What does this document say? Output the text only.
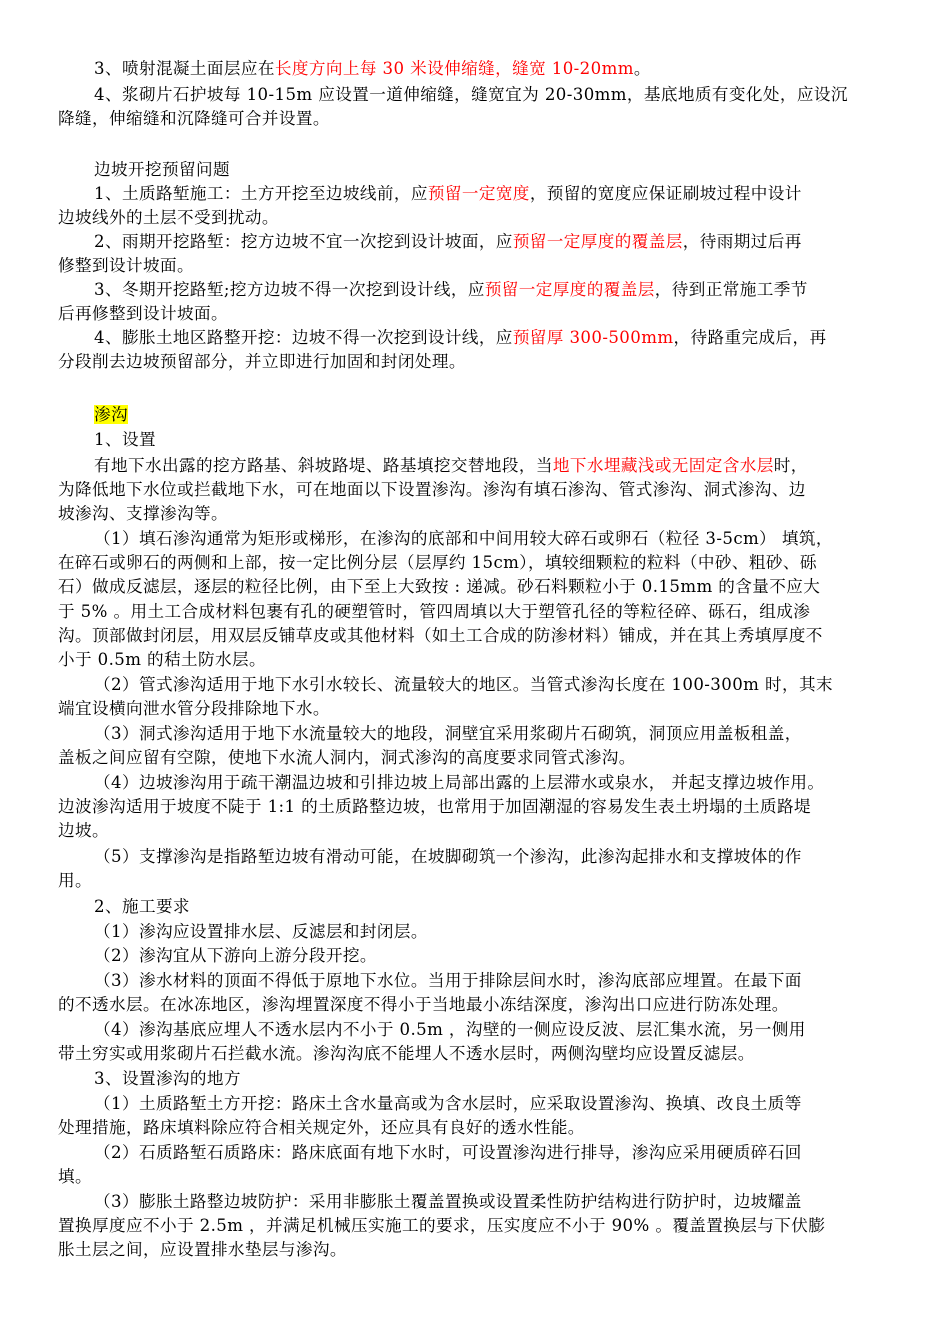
3、喷射混凝土面层应在长度方向上每 30 米设伸缩缝，缝宽 10-20mm。
4、浆砌片石护坡每 10-15m 应设置一道伸缩缝，缝宽宜为 20-30mm，基底地质有变化处，应设沉
降缝，伸缩缝和沉降缝可合并设置。
边坡开挖预留问题
1、土质路堑施工：土方开挖至边坡线前，应预留一定宽度，预留的宽度应保证刷坡过程中设计
边坡线外的土层不受到扰动。
2、雨期开挖路堑：挖方边坡不宜一次挖到设计坡面，应预留一定厚度的覆盖层，待雨期过后再
修整到设计坡面。
3、冬期开挖路堑;挖方边坡不得一次挖到设计线，应预留一定厚度的覆盖层，待到正常施工季节
后再修整到设计坡面。
4、膨胀土地区路整开挖：边坡不得一次挖到设计线，应预留厚 300-500mm，待路重完成后，再
分段削去边坡预留部分，并立即进行加固和封闭处理。
渗沟
1、设置
有地下水出露的挖方路基、斜坡路堤、路基填挖交替地段，当地下水埋藏浅或无固定含水层时，
为降低地下水位或拦截地下水，可在地面以下设置渗沟。渗沟有填石渗沟、管式渗沟、洞式渗沟、边
坡渗沟、支撑渗沟等。
（1）填石渗沟通常为矩形或梯形，在渗沟的底部和中间用较大碎石或卵石（粒径 3-5cm） 填筑，
在碎石或卵石的两侧和上部，按一定比例分层（层厚约 15cm），填较细颗粒的粒料（中砂、粗砂、砾
石）做成反滤层，逐层的粒径比例，由下至上大致按 : 递减。砂石料颗粒小于 0.15mm 的含量不应大
于 5% 。用土工合成材料包裹有孔的硬塑管时，管四周填以大于塑管孔径的等粒径碎、砾石，组成渗
沟。顶部做封闭层，用双层反铺草皮或其他材料（如土工合成的防渗材料）铺成，并在其上秀填厚度不
小于 0.5m 的秸土防水层。
（2）管式渗沟适用于地下水引水较长、流量较大的地区。当管式渗沟长度在 100-300m 时，其末
端宜设横向泄水管分段排除地下水。
（3）洞式渗沟适用于地下水流量较大的地段，洞壁宜采用浆砌片石砌筑，洞顶应用盖板租盖，
盖板之间应留有空隙，使地下水流人洞内，洞式渗沟的高度要求同管式渗沟。
（4）边坡渗沟用于疏干潮温边坡和引排边坡上局部出露的上层滞水或泉水， 并起支撑边坡作用。
边波渗沟适用于坡度不陡于 1:1 的土质路整边坡，也常用于加固潮湿的容易发生表土坍塌的土质路堤
边坡。
（5）支撑渗沟是指路堑边坡有滑动可能，在坡脚砌筑一个渗沟，此渗沟起排水和支撑坡体的作
用。
2、施工要求
（1）渗沟应设置排水层、反滤层和封闭层。
（2）渗沟宜从下游向上游分段开挖。
（3）渗水材料的顶面不得低于原地下水位。当用于排除层间水时，渗沟底部应埋置。在最下面
的不透水层。在冰冻地区，渗沟埋置深度不得小于当地最小冻结深度，渗沟出口应进行防冻处理。
（4）渗沟基底应埋人不透水层内不小于 0.5m ，沟壁的一侧应设反波、层汇集水流，另一侧用
带土穷实或用浆砌片石拦截水流。渗沟沟底不能埋人不透水层时，两侧沟壁均应设置反滤层。
3、设置渗沟的地方
（1）土质路堑土方开挖：路床土含水量高或为含水层时，应采取设置渗沟、换填、改良土质等
处理措施，路床填料除应符合相关规定外，还应具有良好的透水性能。
（2）石质路堑石质路床：路床底面有地下水时，可设置渗沟进行排导，渗沟应采用硬质碎石回
填。
（3）膨胀土路整边坡防护：采用非膨胀土覆盖置换或设置柔性防护结构进行防护时，边坡耀盖
置换厚度应不小于 2.5m ，并满足机械压实施工的要求，压实度应不小于 90% 。覆盖置换层与下伏膨
胀土层之间，应设置排水垫层与渗沟。
